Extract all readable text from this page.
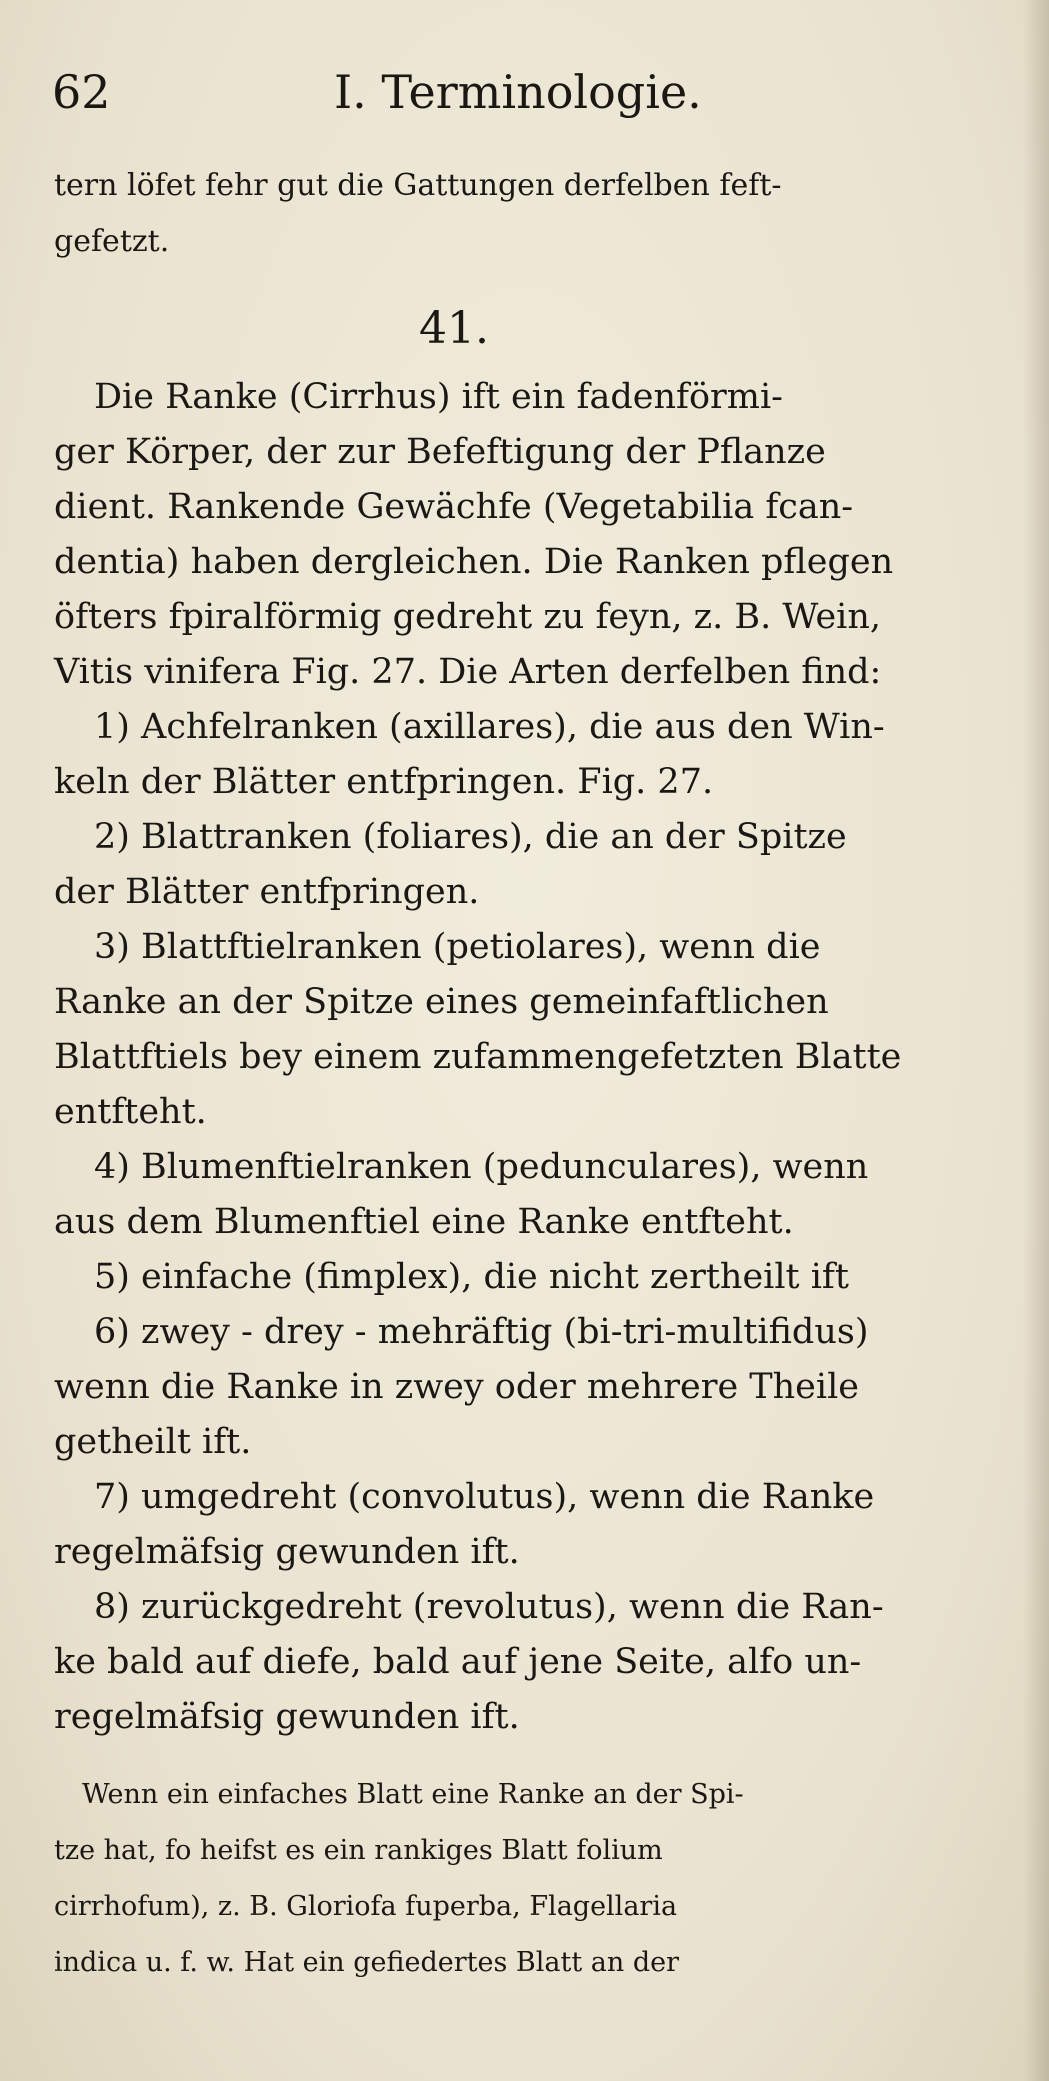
62	I. Terminologie.
tern löfet fehr gut die Gattungen derfelben feft-
gefetzt.
41.
Die Ranke (Cirrhus) ift ein fadenförmi-
ger Körper, der zur Befeftigung der Pflanze
dient. Rankende Gewächfe (Vegetabilia fcan-
dentia) haben dergleichen. Die Ranken pflegen
öfters fpiralförmig gedreht zu feyn, z. B. Wein,
Vitis vinifera Fig. 27. Die Arten derfelben find:
1) Achfelranken (axillares), die aus den Win-
keln der Blätter entfpringen. Fig. 27.
2) Blattranken (foliares), die an der Spitze
der Blätter entfpringen.
3) Blattftielranken (petiolares), wenn die
Ranke an der Spitze eines gemeinfaftlichen
Blattftiels bey einem zufammengefetzten Blatte
entfteht.
4) Blumenftielranken (pedunculares), wenn
aus dem Blumenftiel eine Ranke entfteht.
5) einfache (fimplex), die nicht zertheilt ift
6) zwey - drey - mehräftig (bi-tri-multifidus)
wenn die Ranke in zwey oder mehrere Theile
getheilt ift.
7) umgedreht (convolutus), wenn die Ranke
regelmäfsig gewunden ift.
8) zurückgedreht (revolutus), wenn die Ran-
ke bald auf diefe, bald auf jene Seite, alfo un-
regelmäfsig gewunden ift.
Wenn ein einfaches Blatt eine Ranke an der Spi-
tze hat, fo heifst es ein rankiges Blatt folium
cirrhofum), z. B. Gloriofa fuperba, Flagellaria
indica u. f. w. Hat ein gefiedertes Blatt an der
